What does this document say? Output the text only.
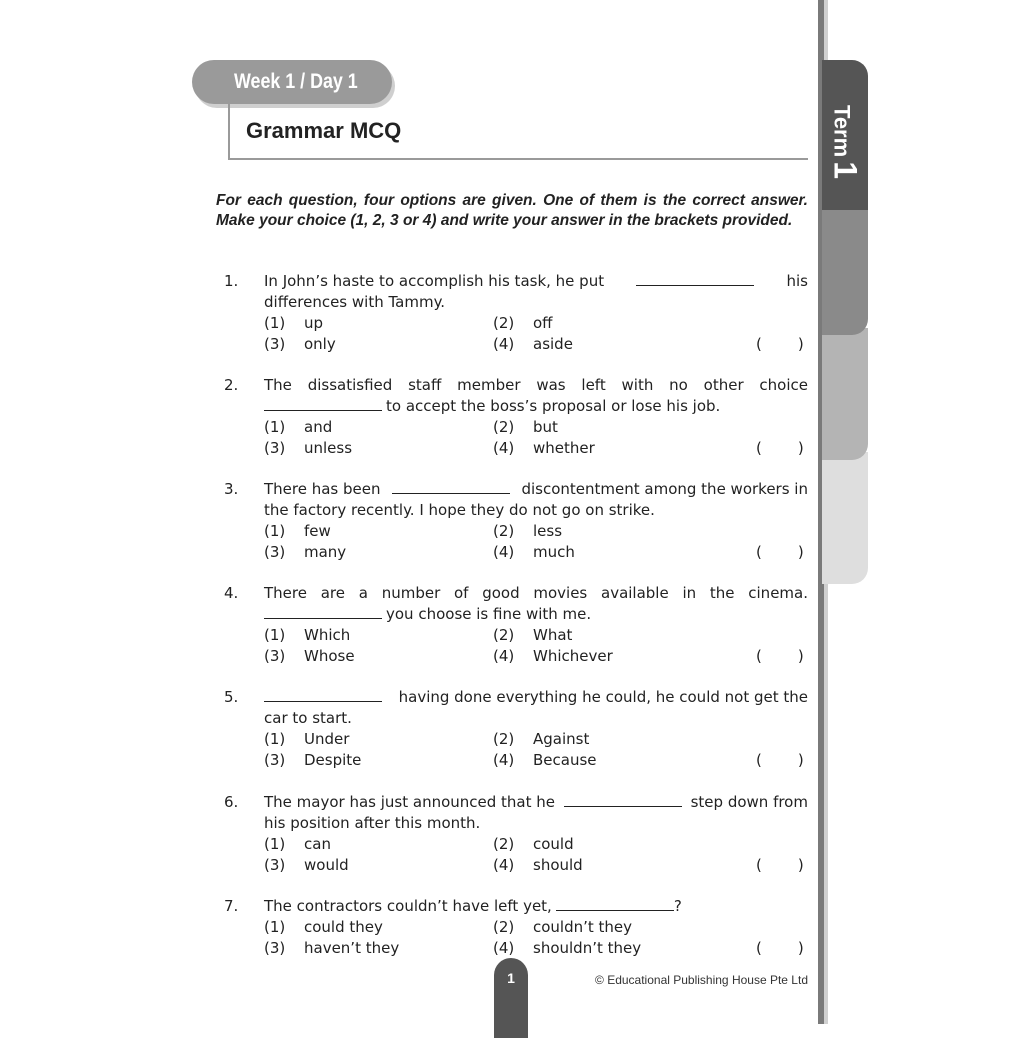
Term1
Week 1 / Day 1
Grammar MCQ
For each question, four options are given. One of them is the correct answer. Make your choice (1, 2, 3 or 4) and write your answer in the brackets provided.
1. In John’s haste to accomplish his task, he put	his
differences with Tammy.
(1) up	(2) off
(3) only	(4) aside	( )
2. The dissatisfied staff member was left with no other choice
to accept the boss’s proposal or lose his job.
(1) and	(2) but
(3) unless	(4) whether	( )
3. There has been	discontentment among the workers in
the factory recently. I hope they do not go on strike.
(1) few	(2) less
(3) many	(4) much	( )
4. There are a number of good movies available in the cinema.
you choose is fine with me.
(1) Which	(2) What
(3) Whose	(4) Whichever	( )
5.	having done everything he could, he could not get the
car to start.
(1) Under	(2) Against
(3) Despite	(4) Because	( )
6. The mayor has just announced that he	step down from
his position after this month.
(1) can	(2) could
(3) would	(4) should	( )
7. The contractors couldn’t have left yet,	?
(1) could they	(2) couldn’t they
(3) haven’t they	(4) shouldn’t they	( )
1	© Educational Publishing House Pte Ltd
